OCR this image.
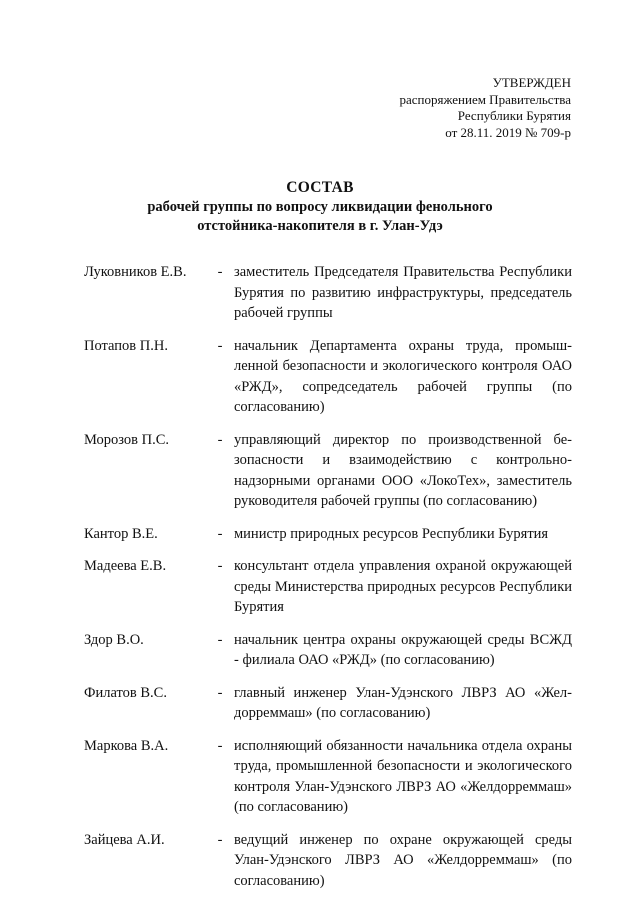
УТВЕРЖДЕН
распоряжением Правительства
Республики Бурятия
от 28.11. 2019 № 709-р
СОСТАВ
рабочей группы по вопросу ликвидации фенольного
отстойника-накопителя в г. Улан-Удэ
Луковников Е.В.	- заместитель Председателя Правительства Республики Бурятия по развитию инфраструктуры, председатель рабочей группы
Потапов П.Н.	- начальник Департамента охраны труда, промышленной безопасности и экологического контроля ОАО «РЖД», сопредседатель рабочей группы (по согласованию)
Морозов П.С.	- управляющий директор по производственной безопасности и взаимодействию с контрольно-надзорными органами ООО «ЛокоТех», заместитель руководителя рабочей группы (по согласованию)
Кантор В.Е.	- министр природных ресурсов Республики Бурятия
Мадеева Е.В.	- консультант отдела управления охраной окружающей среды Министерства природных ресурсов Республики Бурятия
Здор В.О.	- начальник центра охраны окружающей среды ВСЖД - филиала ОАО «РЖД» (по согласованию)
Филатов В.С.	- главный инженер Улан-Удэнского ЛВРЗ АО «Желдорреммаш» (по согласованию)
Маркова В.А.	- исполняющий обязанности начальника отдела охраны труда, промышленной безопасности и экологического контроля Улан-Удэнского ЛВРЗ АО «Желдорреммаш» (по согласованию)
Зайцева А.И.	- ведущий инженер по охране окружающей среды Улан-Удэнского ЛВРЗ АО «Желдорреммаш» (по согласованию)
